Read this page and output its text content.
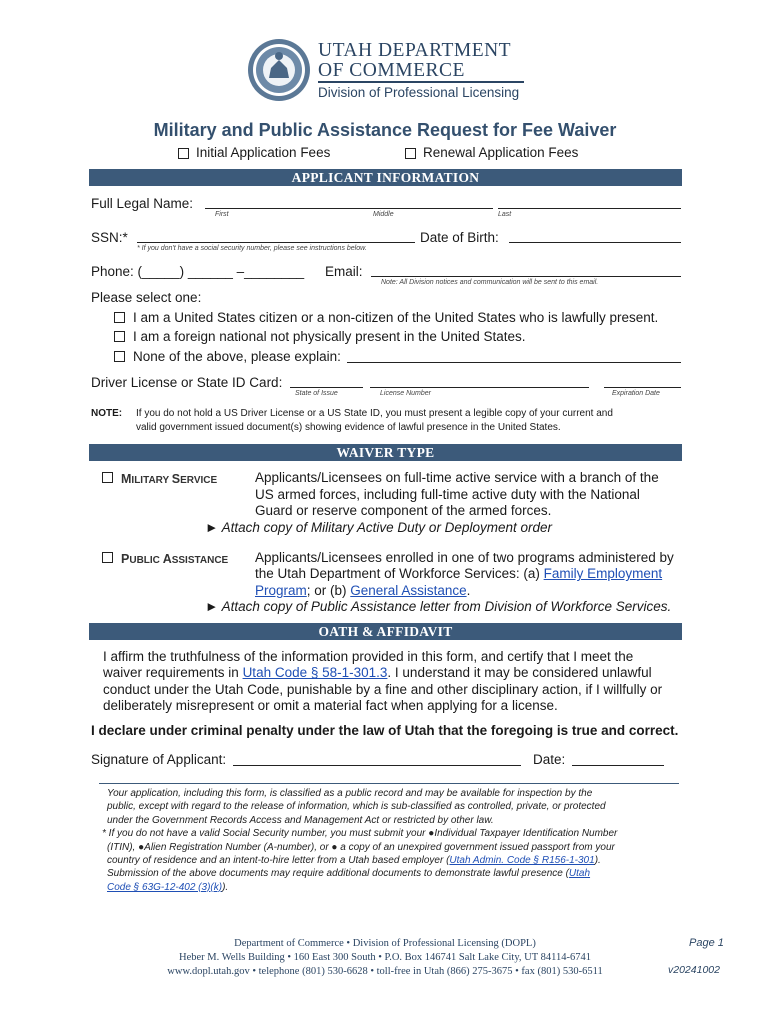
UTAH DEPARTMENT
OF COMMERCE
Division of Professional Licensing
Military and Public Assistance Request for Fee Waiver
Initial Application Fees	Renewal Application Fees
APPLICANT INFORMATION
Full Legal Name:
First	Middle	Last
SSN:*
* If you don't have a social security number, please see instructions below.
Date of Birth:
Phone: (_____) ______ –________ Email:
Note: All Division notices and communication will be sent to this email.
Please select one:
I am a United States citizen or a non-citizen of the United States who is lawfully present.
I am a foreign national not physically present in the United States.
None of the above, please explain:
Driver License or State ID Card:
State of Issue	License Number	Expiration Date
NOTE: If you do not hold a US Driver License or a US State ID, you must present a legible copy of your current and
valid government issued document(s) showing evidence of lawful presence in the United States.
WAIVER TYPE
MILITARY SERVICE	Applicants/Licensees on full-time active service with a branch of the
US armed forces, including full-time active duty with the National
Guard or reserve component of the armed forces.
► Attach copy of Military Active Duty or Deployment order
PUBLIC ASSISTANCE Applicants/Licensees enrolled in one of two programs administered by
the Utah Department of Workforce Services: (a) Family Employment
Program; or (b) General Assistance.
► Attach copy of Public Assistance letter from Division of Workforce Services.
OATH & AFFIDAVIT
I affirm the truthfulness of the information provided in this form, and certify that I meet the
waiver requirements in Utah Code § 58-1-301.3. I understand it may be considered unlawful
conduct under the Utah Code, punishable by a fine and other disciplinary action, if I willfully or
deliberately misrepresent or omit a material fact when applying for a license.
I declare under criminal penalty under the law of Utah that the foregoing is true and correct.
Signature of Applicant:	Date:
Your application, including this form, is classified as a public record and may be available for inspection by the
public, except with regard to the release of information, which is sub-classified as controlled, private, or protected
under the Government Records Access and Management Act or restricted by other law.
* If you do not have a valid Social Security number, you must submit your ●Individual Taxpayer Identification Number
(ITIN), ●Alien Registration Number (A-number), or ● a copy of an unexpired government issued passport from your
country of residence and an intent-to-hire letter from a Utah based employer (Utah Admin. Code § R156-1-301).
Submission of the above documents may require additional documents to demonstrate lawful presence (Utah
Code § 63G-12-402 (3)(k)).
Department of Commerce • Division of Professional Licensing (DOPL)
Heber M. Wells Building • 160 East 300 South • P.O. Box 146741 Salt Lake City, UT 84114-6741
www.dopl.utah.gov • telephone (801) 530-6628 • toll-free in Utah (866) 275-3675 • fax (801) 530-6511
Page 1
v20241002
